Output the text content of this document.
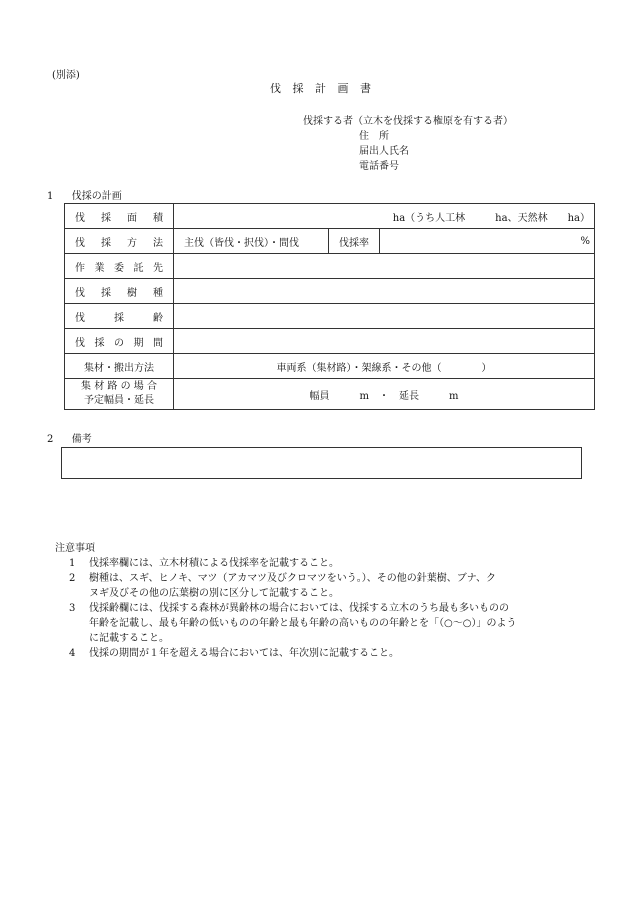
(別添)
伐 採 計 画 書
伐採する者（立木を伐採する権原を有する者）
住　所
届出人氏名
電話番号
1 伐採の計画
伐 採 面 積	ha（うち人工林　　　ha、天然林　　ha）		
伐 採 方 法	主伐（皆伐・択伐）・間伐	伐採率	%
作 業 委 託 先			
伐 採 樹 種			
伐 採 齢			
伐 採 の 期 間			
集材・搬出方法	車両系（集材路）・架線系・その他（　　　　）		

集 材 路 の 場 合
予定幅員・延長	幅員　　　m　・　延長　　　m		
2 備考
注意事項
1 伐採率欄には、立木材積による伐採率を記載すること。
2 樹種は、スギ、ヒノキ、マツ（アカマツ及びクロマツをいう。）、その他の針葉樹、ブナ、ク
ヌギ及びその他の広葉樹の別に区分して記載すること。
3 伐採齢欄には、伐採する森林が異齢林の場合においては、伐採する立木のうち最も多いものの
年齢を記載し、最も年齢の低いものの年齢と最も年齢の高いものの年齢とを「（○～○）」のよう
に記載すること。
4 伐採の期間が１年を超える場合においては、年次別に記載すること。
